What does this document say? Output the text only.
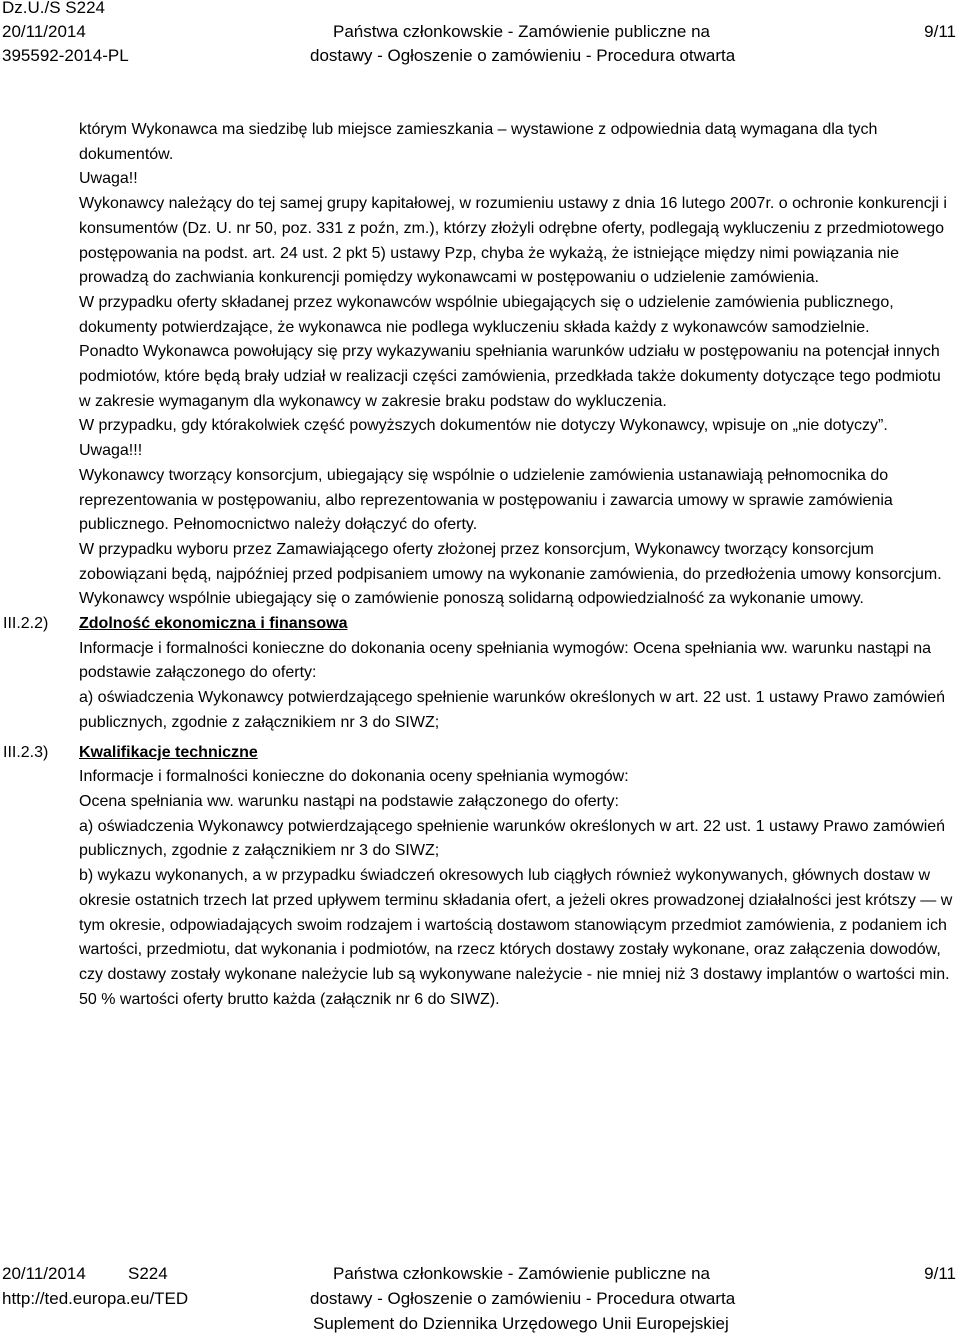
Dz.U./S S224
20/11/2014
395592-2014-PL
Państwa członkowskie - Zamówienie publiczne na
dostawy - Ogłoszenie o zamówieniu - Procedura otwarta
9/11

którym Wykonawca ma siedzibę lub miejsce zamieszkania – wystawione z odpowiednia datą wymagana dla tych dokumentów.

Uwaga!!

Wykonawcy należący do tej samej grupy kapitałowej, w rozumieniu ustawy z dnia 16 lutego 2007r. o ochronie konkurencji i konsumentów (Dz. U. nr 50, poz. 331 z poźn, zm.), którzy złożyli odrębne oferty, podlegają wykluczeniu z przedmiotowego postępowania na podst. art. 24 ust. 2 pkt 5) ustawy Pzp, chyba że wykażą, że istniejące między nimi powiązania nie prowadzą do zachwiania konkurencji pomiędzy wykonawcami w postępowaniu o udzielenie zamówienia.

W przypadku oferty składanej przez wykonawców wspólnie ubiegających się o udzielenie zamówienia publicznego, dokumenty potwierdzające, że wykonawca nie podlega wykluczeniu składa każdy z wykonawców samodzielnie.

Ponadto Wykonawca powołujący się przy wykazywaniu spełniania warunków udziału w postępowaniu na potencjał innych podmiotów, które będą brały udział w realizacji części zamówienia, przedkłada także dokumenty dotyczące tego podmiotu w zakresie wymaganym dla wykonawcy w zakresie braku podstaw do wykluczenia.

W przypadku, gdy którakolwiek część powyższych dokumentów nie dotyczy Wykonawcy, wpisuje on „nie dotyczy”.

Uwaga!!!

Wykonawcy tworzący konsorcjum, ubiegający się wspólnie o udzielenie zamówienia ustanawiają pełnomocnika do reprezentowania w postępowaniu, albo reprezentowania w postępowaniu i zawarcia umowy w sprawie zamówienia publicznego. Pełnomocnictwo należy dołączyć do oferty.

W przypadku wyboru przez Zamawiającego oferty złożonej przez konsorcjum, Wykonawcy tworzący konsorcjum zobowiązani będą, najpóźniej przed podpisaniem umowy na wykonanie zamówienia, do przedłożenia umowy konsorcjum.

Wykonawcy wspólnie ubiegający się o zamówienie ponoszą solidarną odpowiedzialność za wykonanie umowy.

III.2.2) Zdolność ekonomiczna i finansowa

Informacje i formalności konieczne do dokonania oceny spełniania wymogów: Ocena spełniania ww. warunku nastąpi na podstawie załączonego do oferty:

a) oświadczenia Wykonawcy potwierdzającego spełnienie warunków określonych w art. 22 ust. 1 ustawy Prawo zamówień publicznych, zgodnie z załącznikiem nr 3 do SIWZ;

III.2.3) Kwalifikacje techniczne

Informacje i formalności konieczne do dokonania oceny spełniania wymogów:

Ocena spełniania ww. warunku nastąpi na podstawie załączonego do oferty:

a) oświadczenia Wykonawcy potwierdzającego spełnienie warunków określonych w art. 22 ust. 1 ustawy Prawo zamówień publicznych, zgodnie z załącznikiem nr 3 do SIWZ;

b) wykazu wykonanych, a w przypadku świadczeń okresowych lub ciągłych również wykonywanych, głównych dostaw w okresie ostatnich trzech lat przed upływem terminu składania ofert, a jeżeli okres prowadzonej działalności jest krótszy — w tym okresie, odpowiadających swoim rodzajem i wartością dostawom stanowiącym przedmiot zamówienia, z podaniem ich wartości, przedmiotu, dat wykonania i podmiotów, na rzecz których dostawy zostały wykonane, oraz załączenia dowodów, czy dostawy zostały wykonane należycie lub są wykonywane należycie - nie mniej niż 3 dostawy implantów o wartości min. 50 % wartości oferty brutto każda (załącznik nr 6 do SIWZ).

20/11/2014 S224
http://ted.europa.eu/TED
Państwa członkowskie - Zamówienie publiczne na
dostawy - Ogłoszenie o zamówieniu - Procedura otwarta
Suplement do Dziennika Urzędowego Unii Europejskiej
9/11
